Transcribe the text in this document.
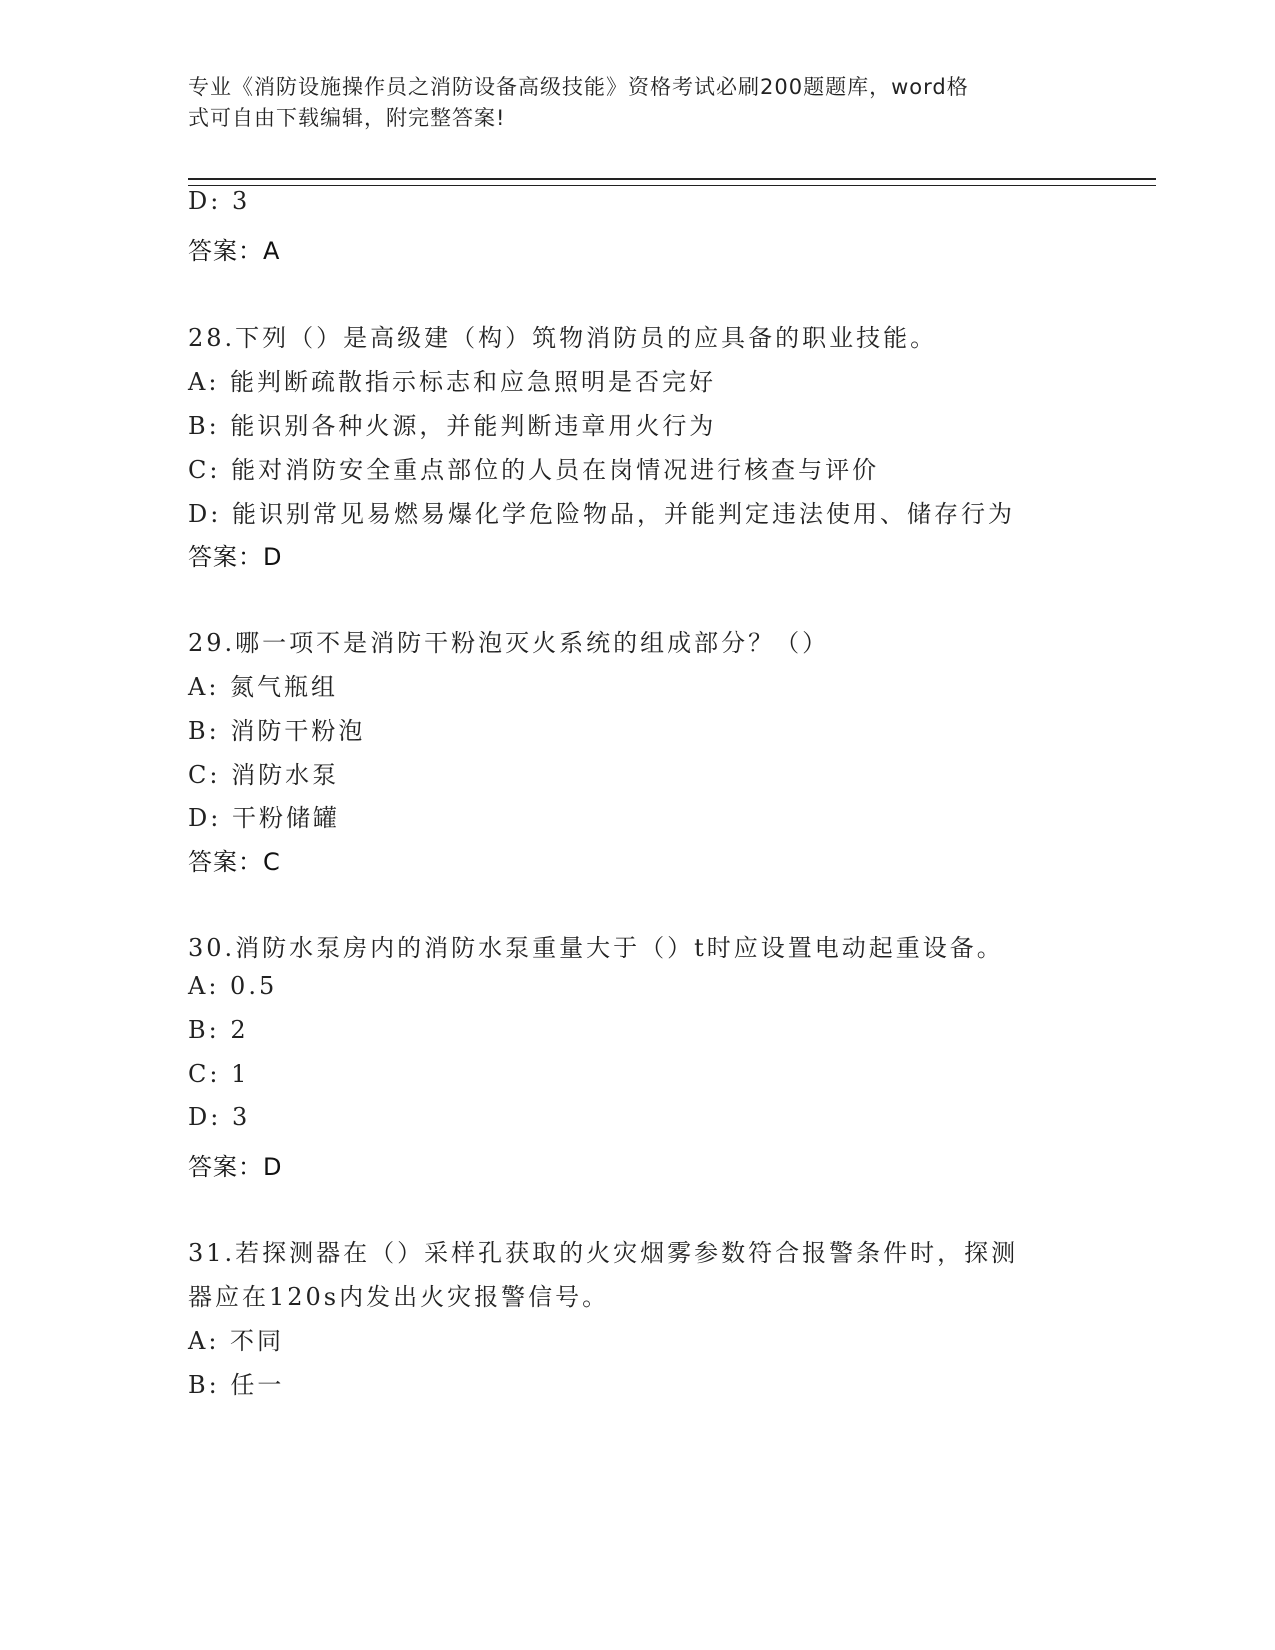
专业《消防设施操作员之消防设备高级技能》资格考试必刷200题题库，word格
式可自由下载编辑，附完整答案!
D: 3
答案：A
28.下列（）是高级建（构）筑物消防员的应具备的职业技能。
A: 能判断疏散指示标志和应急照明是否完好
B: 能识别各种火源，并能判断违章用火行为
C: 能对消防安全重点部位的人员在岗情况进行核查与评价
D: 能识别常见易燃易爆化学危险物品，并能判定违法使用、储存行为
答案：D
29.哪一项不是消防干粉泡灭火系统的组成部分？（）
A: 氮气瓶组
B: 消防干粉泡
C: 消防水泵
D: 干粉储罐
答案：C
30.消防水泵房内的消防水泵重量大于（）t时应设置电动起重设备。
A: 0.5
B: 2
C: 1
D: 3
答案：D
31.若探测器在（）采样孔获取的火灾烟雾参数符合报警条件时，探测
器应在120s内发出火灾报警信号。
A: 不同
B: 任一
